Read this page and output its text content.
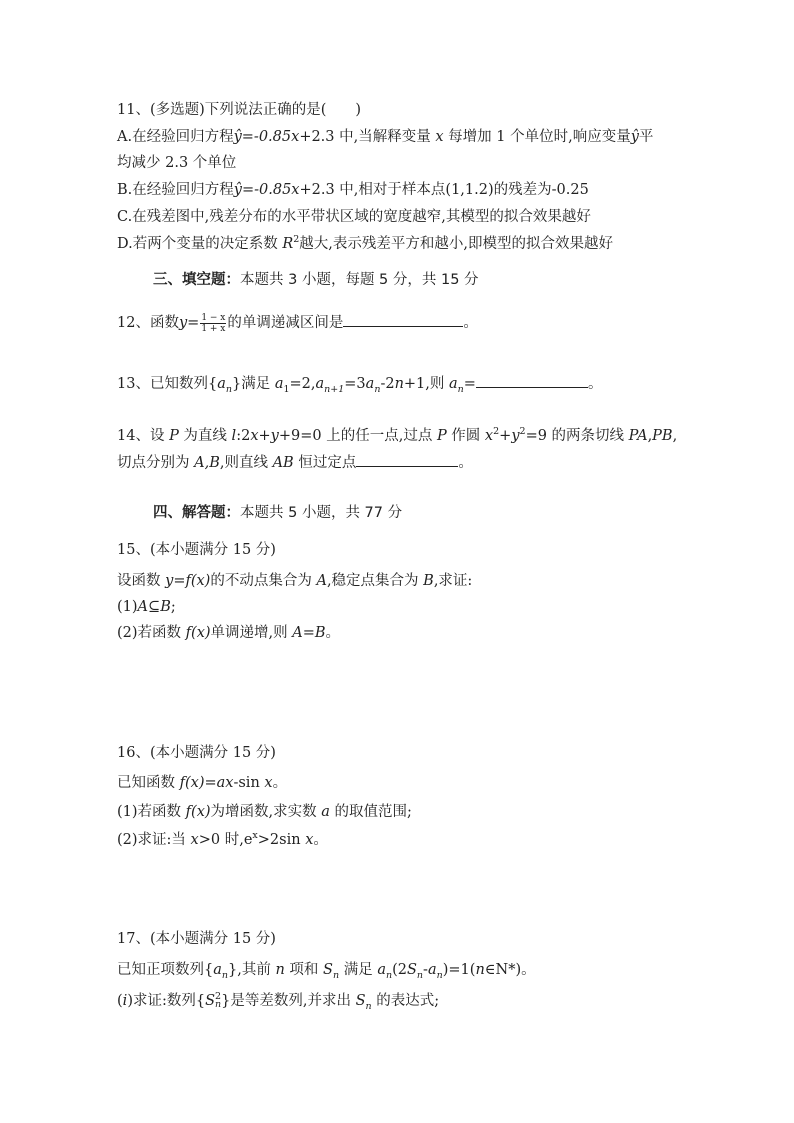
11、(多选题)下列说法正确的是(　　)
A.在经验回归方程ŷ=-0.85x+2.3 中,当解释变量 x 每增加 1 个单位时,响应变量ŷ平
均减少 2.3 个单位
B.在经验回归方程ŷ=-0.85x+2.3 中,相对于样本点(1,1.2)的残差为-0.25
C.在残差图中,残差分布的水平带状区域的宽度越窄,其模型的拟合效果越好
D.若两个变量的决定系数 $R^2$越大,表示残差平方和越小,即模型的拟合效果越好
三、填空题：本题共 3 小题，每题 5 分，共 15 分
12、函数$y= \frac{1 - x}{1 + x}$ 的单调递减区间是	。
13、已知数列$\{a_n\}$满足 $a_1=2,a_{n+1}=3a_n-2n+1$,则 $a_n=$	。
14、设 P 为直线 l:2x+y+9=0 上的任一点,过点 P 作圆 $x^2+y^2=9$ 的两条切线 PA,PB,
切点分别为 A,B,则直线 AB 恒过定点	。
四、解答题：本题共 5 小题，共 77 分
15、(本小题满分 15 分)
设函数 y=f(x)的不动点集合为 A,稳定点集合为 B,求证:
(1)A⊆B;
(2)若函数 f(x)单调递增,则 A=B。
16、(本小题满分 15 分)
已知函数 f(x)=ax-sin x。
(1)若函数 f(x)为增函数,求实数 a 的取值范围;
(2)求证:当 x>0 时$,e^x>2\sin$ x。
17、(本小题满分 15 分)
已知正项数列$\{a_n\}$,其前 n 项和 $S_n$ 满足 $a_n(2S_n-a_n)=1(n\in N*)$。
(i)求证:数列{S 2
n }是等差数列,并求出 $S_n$ 的表达式;
